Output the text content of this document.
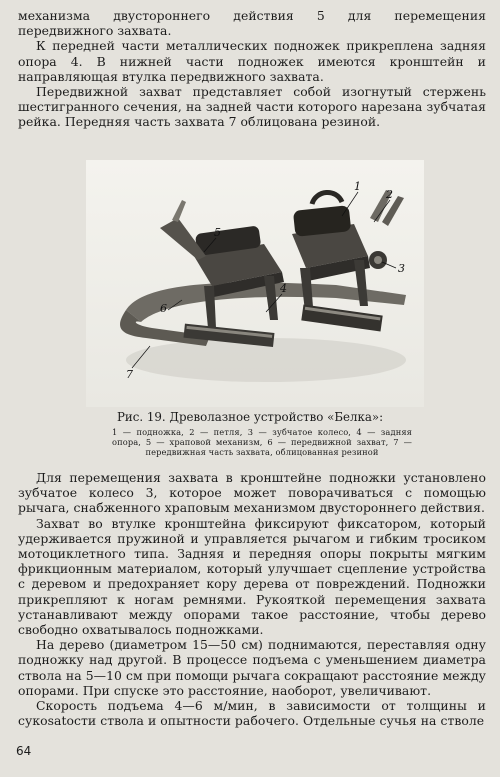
механизма двустороннего действия 5 для перемещения передвижного захвата.

К передней части металлических подножек прикреплена задняя опора 4. В нижней части подножек имеются кронштейн и направляющая втулка передвижного захвата.

Передвижной захват представляет собой изогнутый стержень шестигранного сечения, на задней части которого нарезана зубчатая рейка. Передняя часть захвата 7 облицована резиной.

1
2
3
4
5
6
7
Рис. 19. Древолазное устройство «Белка»:
1 — подножка, 2 — петля, 3 — зубчатое колесо, 4 — задняя опора, 5 — храповой механизм, 6 — передвижной захват, 7 — передвижная часть захвата, облицованная резиной

Для перемещения захвата в кронштейне подножки установлено зубчатое колесо 3, которое может поворачиваться с помощью рычага, снабженного храповым механизмом двустороннего действия.

Захват во втулке кронштейна фиксируют фиксатором, который удерживается пружиной и управляется рычагом и гибким тросиком мотоциклетного типа. Задняя и передняя опоры покрыты мягким фрикционным материалом, который улучшает сцепление устройства с деревом и предохраняет кору дерева от повреждений. Подножки прикрепляют к ногам ремнями. Рукояткой перемещения захвата устанавливают между опорами такое расстояние, чтобы дерево свободно охватывалось подножками.

На дерево (диаметром 15—50 см) поднимаются, переставляя одну подножку над другой. В процессе подъема с уменьшением диаметра ствола на 5—10 см при помощи рычага сокращают расстояние между опорами. При спуске это расстояние, наоборот, увеличивают.

Скорость подъема 4—6 м/мин, в зависимости от толщины и сукоsatости ствола и опытности рабочего. Отдельные сучья на стволе

64
